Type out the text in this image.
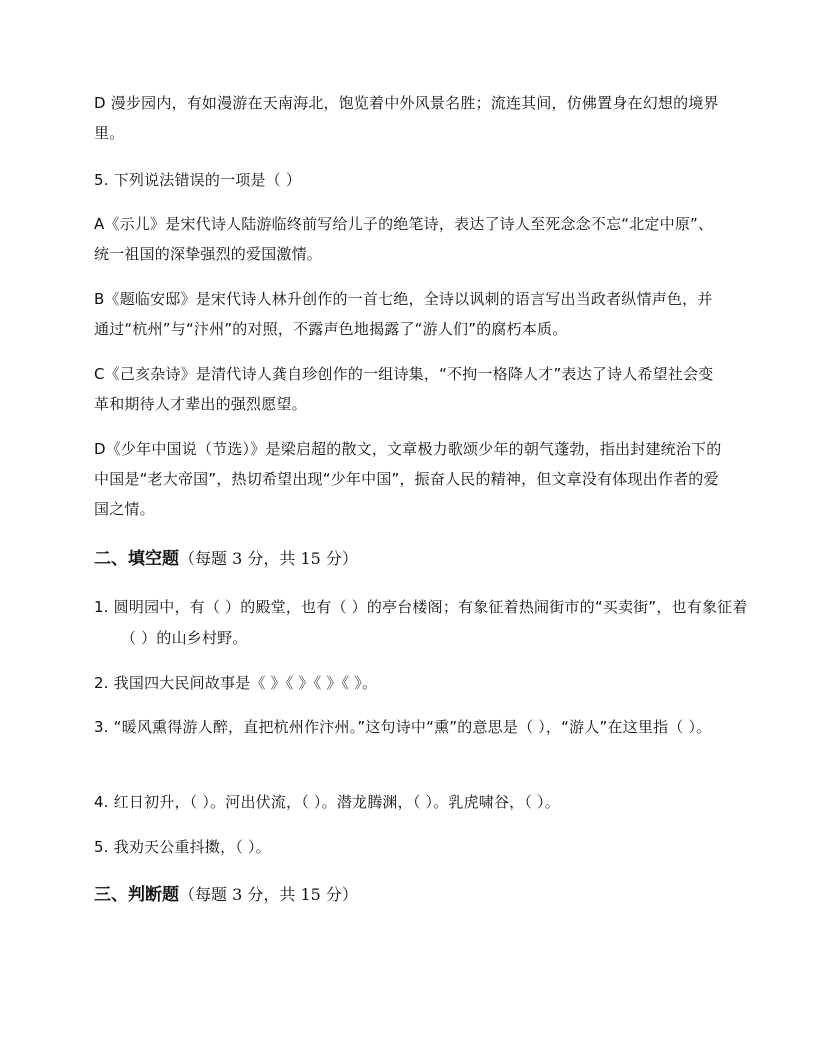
D 漫步园内，有如漫游在天南海北，饱览着中外风景名胜；流连其间，仿佛置身在幻想的境界里。

5. 下列说法错误的一项是（ ）

A《示儿》是宋代诗人陆游临终前写给儿子的绝笔诗，表达了诗人至死念念不忘“北定中原”、统一祖国的深挚强烈的爱国激情。

B《题临安邸》是宋代诗人林升创作的一首七绝，全诗以讽刺的语言写出当政者纵情声色，并通过“杭州”与“汴州”的对照，不露声色地揭露了“游人们”的腐朽本质。

C《己亥杂诗》是清代诗人龚自珍创作的一组诗集，“不拘一格降人才”表达了诗人希望社会变革和期待人才辈出的强烈愿望。

D《少年中国说（节选）》是梁启超的散文，文章极力歌颂少年的朝气蓬勃，指出封建统治下的中国是“老大帝国”，热切希望出现“少年中国”，振奋人民的精神，但文章没有体现出作者的爱国之情。

二、填空题（每题 3 分，共 15 分）

1. 圆明园中，有（ ）的殿堂，也有（ ）的亭台楼阁；有象征着热闹街市的“买卖街”，也有象征着（ ）的山乡村野。

2. 我国四大民间故事是《 》《 》《 》《 》。

3. “暖风熏得游人醉，直把杭州作汴州。”这句诗中“熏”的意思是（ ），“游人”在这里指（ ）。

4. 红日初升，（ ）。河出伏流，（ ）。潜龙腾渊，（ ）。乳虎啸谷，（ ）。

5. 我劝天公重抖擞，（ ）。

三、判断题（每题 3 分，共 15 分）
